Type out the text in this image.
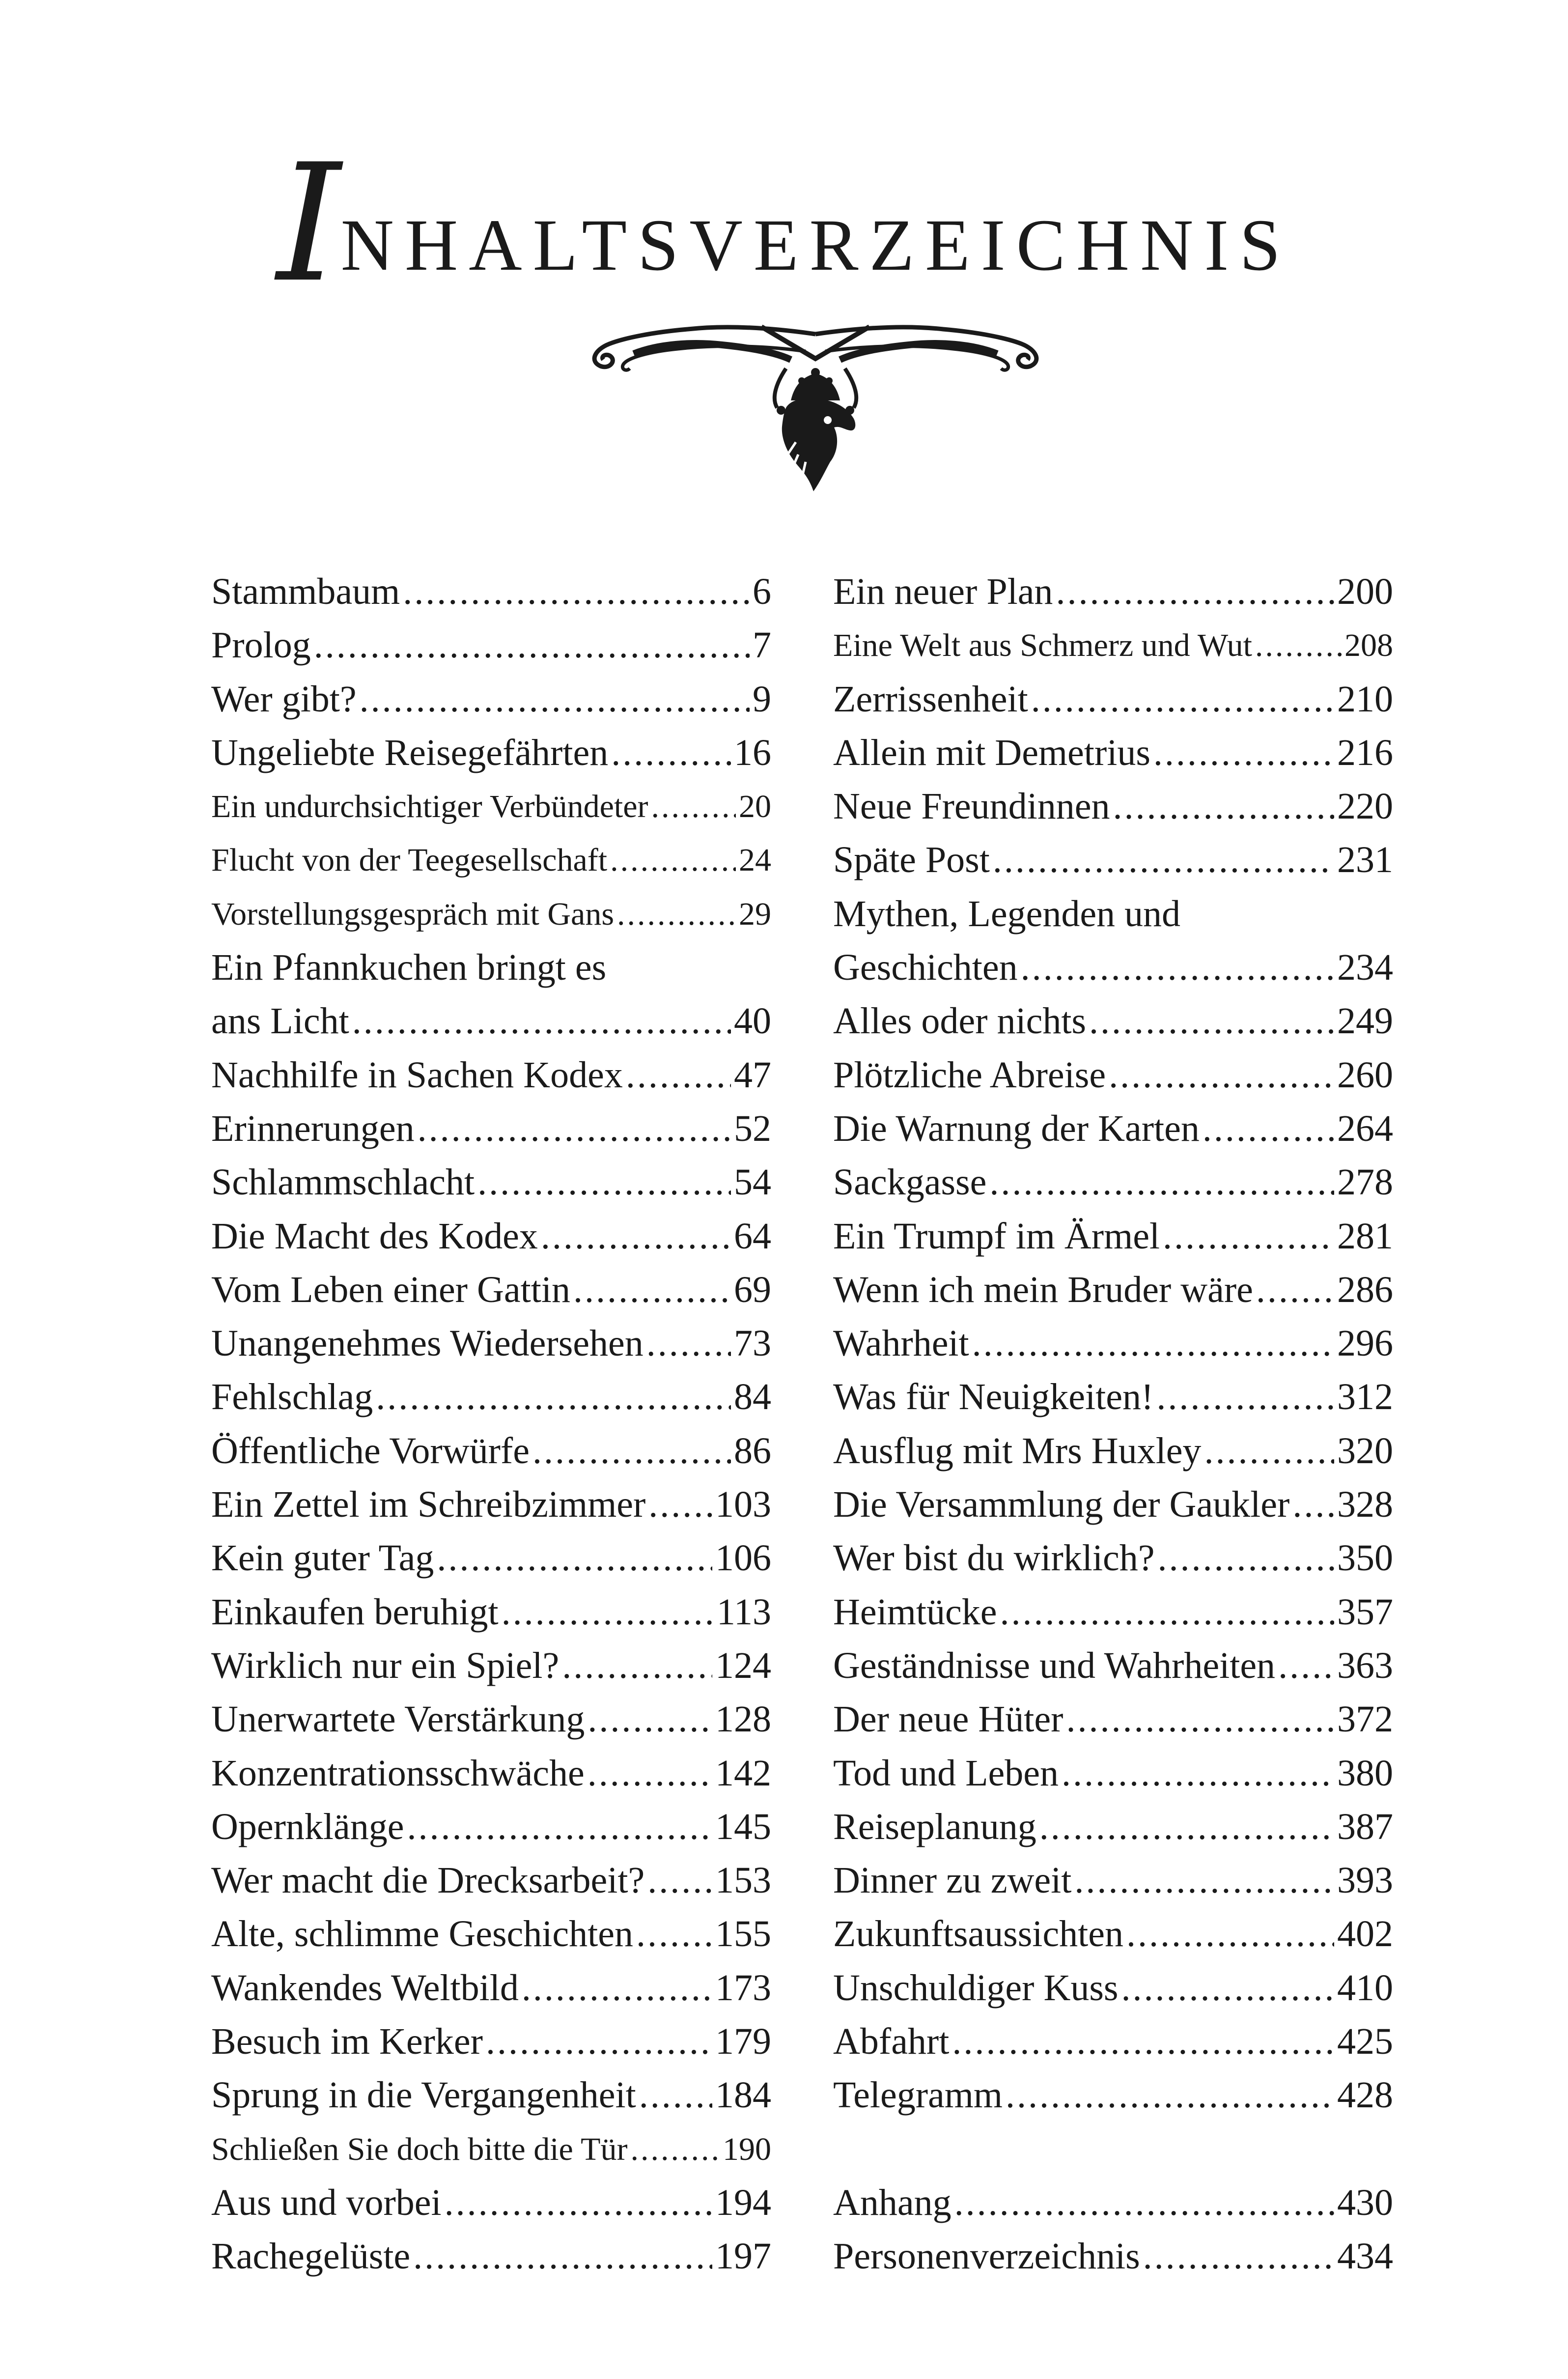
INHALTSVERZEICHNIS
Stammbaum .....	6
Prolog .....	7
Wer gibt? .....	9
Ungeliebte Reisegefährten .....	16
Ein undurchsichtiger Verbündeter .....	20
Flucht von der Teegesellschaft .....	24
Vorstellungsgespräch mit Gans .....	29
Ein Pfannkuchen bringt es
ans Licht .....	40
Nachhilfe in Sachen Kodex .....	47
Erinnerungen .....	52
Schlammschlacht .....	54
Die Macht des Kodex .....	64
Vom Leben einer Gattin .....	69
Unangenehmes Wiedersehen ..... 73
Fehlschlag .....	84
Öffentliche Vorwürfe .....	86
Ein Zettel im Schreibzimmer ..... 103
Kein guter Tag .....	106
Einkaufen beruhigt .....	113
Wirklich nur ein Spiel? .....	124
Unerwartete Verstärkung .....	128
Konzentrationsschwäche .....	142
Opernklänge .....	145
Wer macht die Drecksarbeit? ..... 153
Alte, schlimme Geschichten ..... 155
Wankendes Weltbild .....	173
Besuch im Kerker .....	179
Sprung in die Vergangenheit ..... 184
Schließen Sie doch bitte die Tür .....	190
Aus und vorbei .....	194
Rachegelüste .....	197
Ein neuer Plan .....	200
Eine Welt aus Schmerz und Wut .....	208
Zerrissenheit .....	210
Allein mit Demetrius .....	216
Neue Freundinnen .....	220
Späte Post .....	231
Mythen, Legenden und
Geschichten .....	234
Alles oder nichts .....	249
Plötzliche Abreise .....	260
Die Warnung der Karten .....	264
Sackgasse .....	278
Ein Trumpf im Ärmel .....	281
Wenn ich mein Bruder wäre ..... 286
Wahrheit .....	296
Was für Neuigkeiten! .....	312
Ausflug mit Mrs Huxley .....	320
Die Versammlung der Gaukler ..... 328
Wer bist du wirklich? .....	350
Heimtücke .....	357
Geständnisse und Wahrheiten ..... 363
Der neue Hüter .....	372
Tod und Leben .....	380
Reiseplanung .....	387
Dinner zu zweit .....	393
Zukunftsaussichten .....	402
Unschuldiger Kuss .....	410
Abfahrt .....	425
Telegramm .....	428
Anhang .....	430
Personenverzeichnis .....	434
